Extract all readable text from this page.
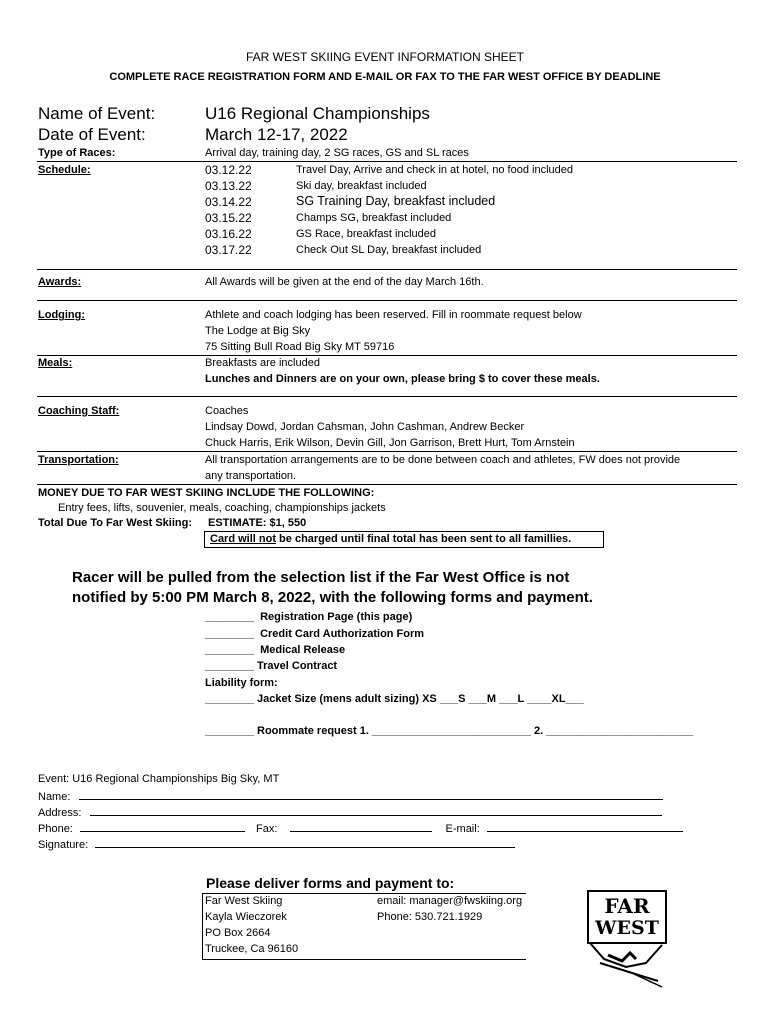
FAR WEST SKIING EVENT INFORMATION SHEET
COMPLETE RACE REGISTRATION FORM AND E-MAIL OR FAX TO THE FAR WEST OFFICE BY DEADLINE
Name of Event:	U16 Regional Championships
Date of Event:	March 12-17, 2022
Type of Races:	Arrival day, training day, 2 SG races, GS and SL races
Schedule:	03.12.22	Travel Day, Arrive and check in at hotel, no food included
03.13.22	Ski day, breakfast included
03.14.22	SG Training Day, breakfast included
03.15.22	Champs SG, breakfast included
03.16.22	GS Race, breakfast included
03.17.22	Check Out SL Day, breakfast included
Awards:	All Awards will be given at the end of the day March 16th.
Lodging:	Athlete and coach lodging has been reserved. Fill in roommate request below
The Lodge at Big Sky
75 Sitting Bull Road Big Sky MT 59716
Meals:	Breakfasts are included
Lunches and Dinners are on your own, please bring $ to cover these meals.
Coaching Staff:	Coaches
Lindsay Dowd, Jordan Cahsman, John Cashman, Andrew Becker
Chuck Harris, Erik Wilson, Devin Gill, Jon Garrison, Brett Hurt, Tom Arnstein
Transportation:	All transportation arrangements are to be done between coach and athletes, FW does not provide
any transportation.
MONEY DUE TO FAR WEST SKIING INCLUDE THE FOLLOWING:
Entry fees, lifts, souvenier, meals, coaching, championships jackets
Total Due To Far West Skiing: ESTIMATE: $1, 550
Card will not be charged until final total has been sent to all famillies.
Racer will be pulled from the selection list if the Far West Office is not
notified by 5:00 PM March 8, 2022, with the following forms and payment.
________ Registration Page (this page)
________ Credit Card Authorization Form
________ Medical Release
________ Travel Contract
Liability form:
________ Jacket Size (mens adult sizing) XS ___S ___M ___L ____XL___
________ Roommate request 1. __________________________ 2. ________________________
Event: U16 Regional Championships Big Sky, MT
Name:
Address:
Phone:	Fax:	E-mail:
Signature:
Please deliver forms and payment to:
Far West Skiing
Kayla Wieczorek
PO Box 2664
Truckee, Ca 96160
email: manager@fwskiing.org
Phone: 530.721.1929	FAR
WEST
